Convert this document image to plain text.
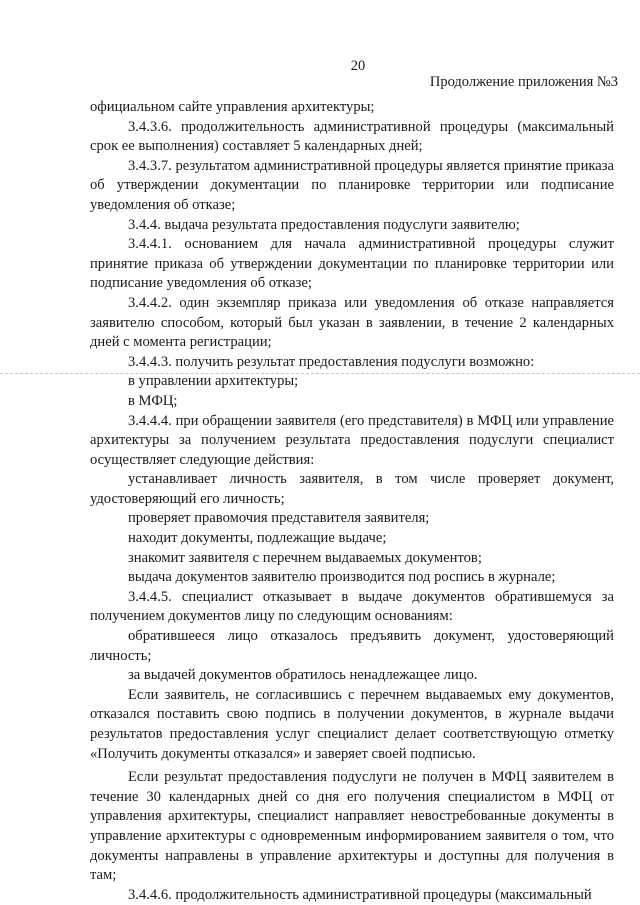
20
Продолжение приложения №3

официальном сайте управления архитектуры;

3.4.3.6. продолжительность административной процедуры (максимальный срок ее выполнения) составляет 5 календарных дней;

3.4.3.7. результатом административной процедуры является принятие приказа об утверждении документации по планировке территории или подписание уведомления об отказе;

3.4.4. выдача результата предоставления подуслуги заявителю;

3.4.4.1. основанием для начала административной процедуры служит принятие приказа об утверждении документации по планировке территории или подписание уведомления об отказе;

3.4.4.2. один экземпляр приказа или уведомления об отказе направляется заявителю способом, который был указан в заявлении, в течение 2 календарных дней с момента регистрации;

3.4.4.3. получить результат предоставления подуслуги возможно:

в управлении архитектуры;

в МФЦ;

3.4.4.4. при обращении заявителя (его представителя) в МФЦ или управление архитектуры за получением результата предоставления подуслуги специалист осуществляет следующие действия:

устанавливает личность заявителя, в том числе проверяет документ, удостоверяющий его личность;

проверяет правомочия представителя заявителя;

находит документы, подлежащие выдаче;

знакомит заявителя с перечнем выдаваемых документов;

выдача документов заявителю производится под роспись в журнале;

3.4.4.5. специалист отказывает в выдаче документов обратившемуся за получением документов лицу по следующим основаниям:

обратившееся лицо отказалось предъявить документ, удостоверяющий личность;

за выдачей документов обратилось ненадлежащее лицо.

Если заявитель, не согласившись с перечнем выдаваемых ему документов, отказался поставить свою подпись в получении документов, в журнале выдачи результатов предоставления услуг специалист делает соответствующую отметку «Получить документы отказался» и заверяет своей подписью.

Если результат предоставления подуслуги не получен в МФЦ заявителем в течение 30 календарных дней со дня его получения специалистом в МФЦ от управления архитектуры, специалист направляет невостребованные документы в управление архитектуры с одновременным информированием заявителя о том, что документы направлены в управление архитектуры и доступны для получения в там;

3.4.4.6. продолжительность административной процедуры (максимальный
